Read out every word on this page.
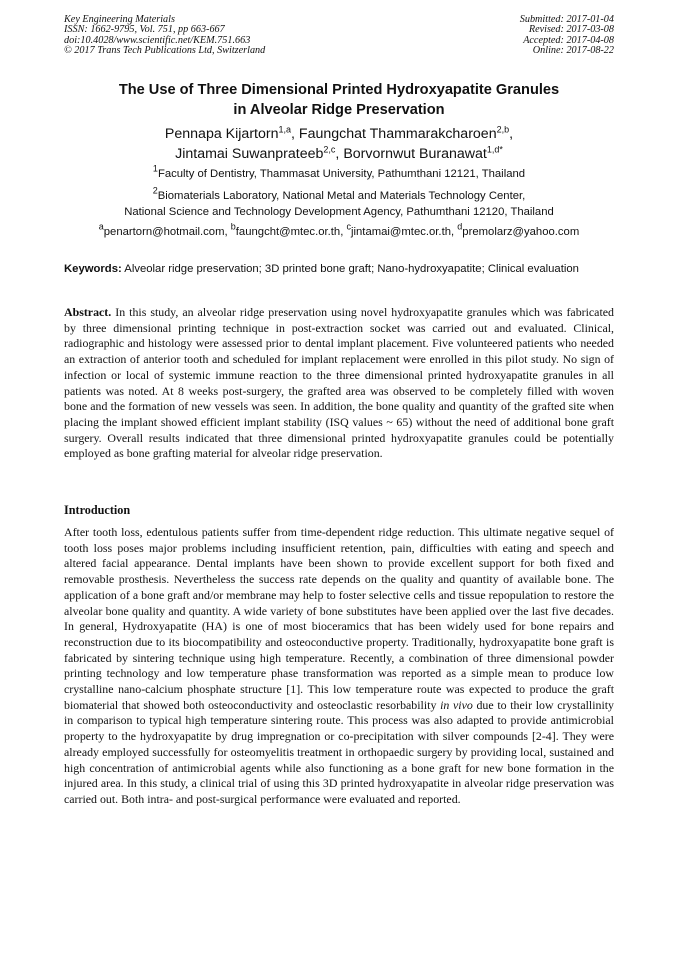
Key Engineering Materials
ISSN: 1662-9795, Vol. 751, pp 663-667
doi:10.4028/www.scientific.net/KEM.751.663
© 2017 Trans Tech Publications Ltd, Switzerland
Submitted: 2017-01-04
Revised: 2017-03-08
Accepted: 2017-04-08
Online: 2017-08-22
The Use of Three Dimensional Printed Hydroxyapatite Granules
in Alveolar Ridge Preservation
Pennapa Kijartorn$^{1,a}$, Faungchat Thammarakcharoen$^{2,b}$,
Jintamai Suwanprateeb$^{2,c}$, Borvornwut Buranawat$^{1,d*}$
$^1$Faculty of Dentistry, Thammasat University, Pathumthani 12121, Thailand
$^2$Biomaterials Laboratory, National Metal and Materials Technology Center,
National Science and Technology Development Agency, Pathumthani 12120, Thailand
$^a$penartorn@hotmail.com, $^b$faungcht@mtec.or.th, $^c$jintamai@mtec.or.th, $^d$premolarz@yahoo.com

Keywords: Alveolar ridge preservation; 3D printed bone graft; Nano-hydroxyapatite; Clinical evaluation

Abstract. In this study, an alveolar ridge preservation using novel hydroxyapatite granules which was fabricated by three dimensional printing technique in post-extraction socket was carried out and evaluated. Clinical, radiographic and histology were assessed prior to dental implant placement. Five volunteered patients who needed an extraction of anterior tooth and scheduled for implant replacement were enrolled in this pilot study. No sign of infection or local of systemic immune reaction to the three dimensional printed hydroxyapatite granules in all patients was noted. At 8 weeks post-surgery, the grafted area was observed to be completely filled with woven bone and the formation of new vessels was seen. In addition, the bone quality and quantity of the grafted site when placing the implant showed efficient implant stability (ISQ values ~ 65) without the need of additional bone graft surgery. Overall results indicated that three dimensional printed hydroxyapatite granules could be potentially employed as bone grafting material for alveolar ridge preservation.

Introduction

After tooth loss, edentulous patients suffer from time-dependent ridge reduction. This ultimate negative sequel of tooth loss poses major problems including insufficient retention, pain, difficulties with eating and speech and altered facial appearance. Dental implants have been shown to provide excellent support for both fixed and removable prosthesis. Nevertheless the success rate depends on the quality and quantity of available bone. The application of a bone graft and/or membrane may help to foster selective cells and tissue repopulation to restore the alveolar bone quality and quantity. A wide variety of bone substitutes have been applied over the last five decades. In general, Hydroxyapatite (HA) is one of most bioceramics that has been widely used for bone repairs and reconstruction due to its biocompatibility and osteoconductive property. Traditionally, hydroxyapatite bone graft is fabricated by sintering technique using high temperature. Recently, a combination of three dimensional powder printing technology and low temperature phase transformation was reported as a simple mean to produce low crystalline nano-calcium phosphate structure [1]. This low temperature route was expected to produce the graft biomaterial that showed both osteoconductivity and osteoclastic resorbability in vivo due to their low crystallinity in comparison to typical high temperature sintering route. This process was also adapted to provide antimicrobial property to the hydroxyapatite by drug impregnation or co-precipitation with silver compounds [2-4]. They were already employed successfully for osteomyelitis treatment in orthopaedic surgery by providing local, sustained and high concentration of antimicrobial agents while also functioning as a bone graft for new bone formation in the injured area. In this study, a clinical trial of using this 3D printed hydroxyapatite in alveolar ridge preservation was carried out. Both intra- and post-surgical performance were evaluated and reported.
